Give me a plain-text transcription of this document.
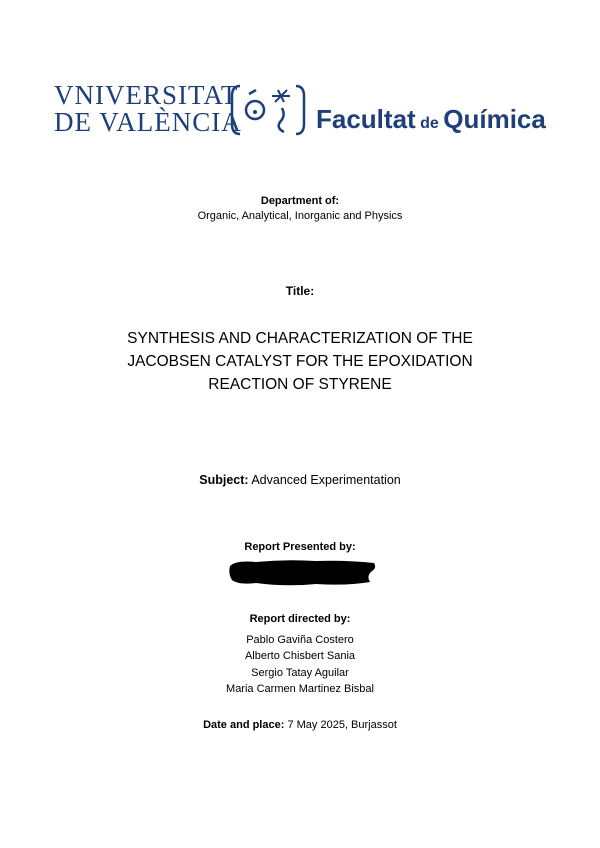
VNIVERSITAT
DE VALÈNCIA	Facultat de Química
Department of:
Organic, Analytical, Inorganic and Physics
Title:
SYNTHESIS AND CHARACTERIZATION OF THE
JACOBSEN CATALYST FOR THE EPOXIDATION
REACTION OF STYRENE
Subject: Advanced Experimentation
Report Presented by:
Report directed by:
Pablo Gaviña Costero
Alberto Chisbert Sania
Sergio Tatay Aguilar
Maria Carmen Martinez Bisbal
Date and place: 7 May 2025, Burjassot
